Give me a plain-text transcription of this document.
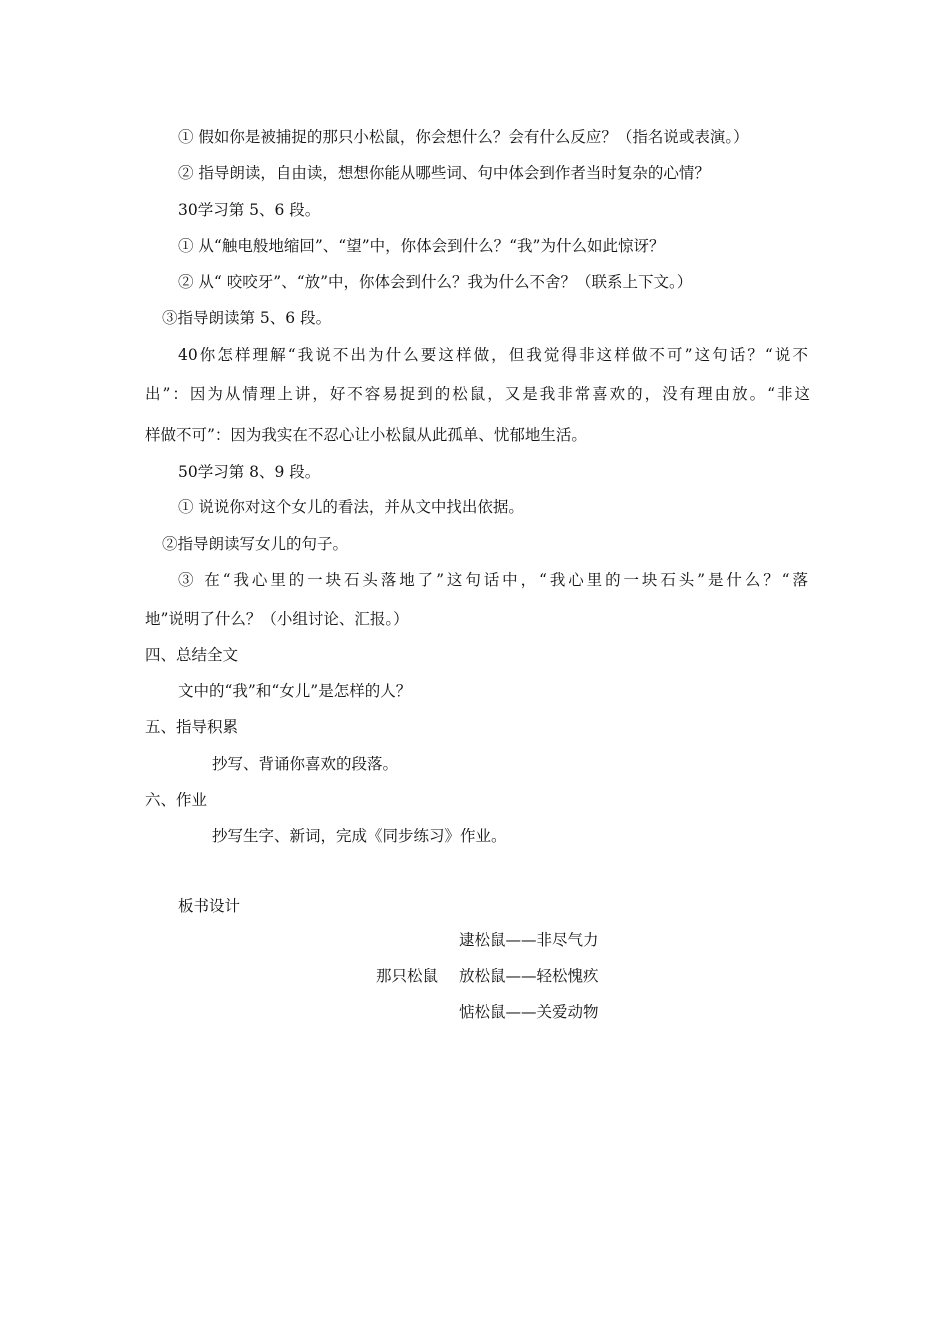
① 假如你是被捕捉的那只小松鼠，你会想什么？会有什么反应？（指名说或表演。）
② 指导朗读，自由读，想想你能从哪些词、句中体会到作者当时复杂的心情？
30学习第 5、6 段。
① 从“触电般地缩回”、“望”中，你体会到什么？“我”为什么如此惊讶？
② 从“ 咬咬牙”、“放”中，你体会到什么？我为什么不舍？（联系上下文。）
③指导朗读第 5、6 段。
40你怎样理解“我说不出为什么要这样做，但我觉得非这样做不可”这句话？“说不
出”：因为从情理上讲，好不容易捉到的松鼠，又是我非常喜欢的，没有理由放。“非这
样做不可”：因为我实在不忍心让小松鼠从此孤单、忧郁地生活。
50学习第 8、9 段。
① 说说你对这个女儿的看法，并从文中找出依据。
②指导朗读写女儿的句子。
③ 在“我心里的一块石头落地了”这句话中，“我心里的一块石头”是什么？“落
地”说明了什么？（小组讨论、汇报。）
四、总结全文
文中的“我”和“女儿”是怎样的人？
五、指导积累
抄写、背诵你喜欢的段落。
六、作业
抄写生字、新词，完成《同步练习》作业。
板书设计
逮松鼠——非尽气力
那只松鼠 放松鼠——轻松愧疚
惦松鼠——关爱动物
